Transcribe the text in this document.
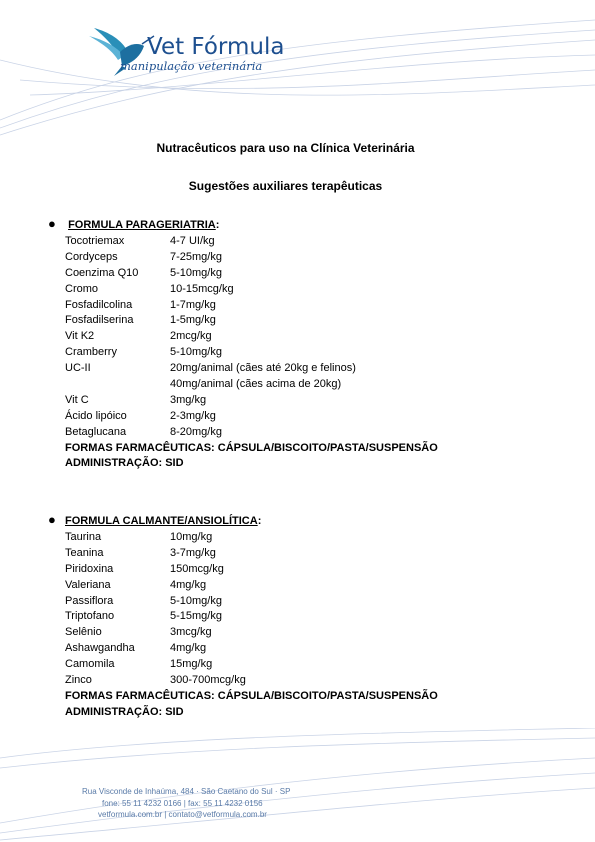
Vet Fórmula
manipulação veterinária
Nutracêuticos para uso na Clínica Veterinária
Sugestões auxiliares terapêuticas
●
	FORMULA PARA GERIATRIA :
Tocotriemax	4-7 UI/kg
Cordyceps	7-25mg/kg
Coenzima Q10	5-10mg/kg
Cromo	10-15mcg/kg
Fosfadilcolina	1-7mg/kg
Fosfadilserina	1-5mg/kg
Vit K2	2mcg/kg
Cramberry	5-10mg/kg
UC-II	20mg/animal (cães até 20kg e felinos)
40mg/animal (cães acima de 20kg)
Vit C	3mg/kg
Ácido lipóico	2-3mg/kg
Betaglucana	8-20mg/kg
FORMAS FARMACÊUTICAS: CÁPSULA/BISCOITO/PASTA/SUSPENSÃO
ADMINISTRAÇÃO: SID
● FORMULA CALMANTE/ANSIOLÍTICA :
Taurina	10mg/kg
Teanina	3-7mg/kg
Piridoxina	150mcg/kg
Valeriana	4mg/kg
Passiflora	5-10mg/kg
Triptofano	5-15mg/kg
Selênio	3mcg/kg
Ashawgandha	4mg/kg
Camomila	15mg/kg
Zinco	300-700mcg/kg
FORMAS FARMACÊUTICAS: CÁPSULA/BISCOITO/PASTA/SUSPENSÃO
ADMINISTRAÇÃO: SID
Rua Visconde de Inhaúma, 484 · São Caetano do Sul · SP
fone: 55 11 4232 0166 | fax: 55 11 4232 0156
vetformula.com.br | contato@vetformula.com.br
